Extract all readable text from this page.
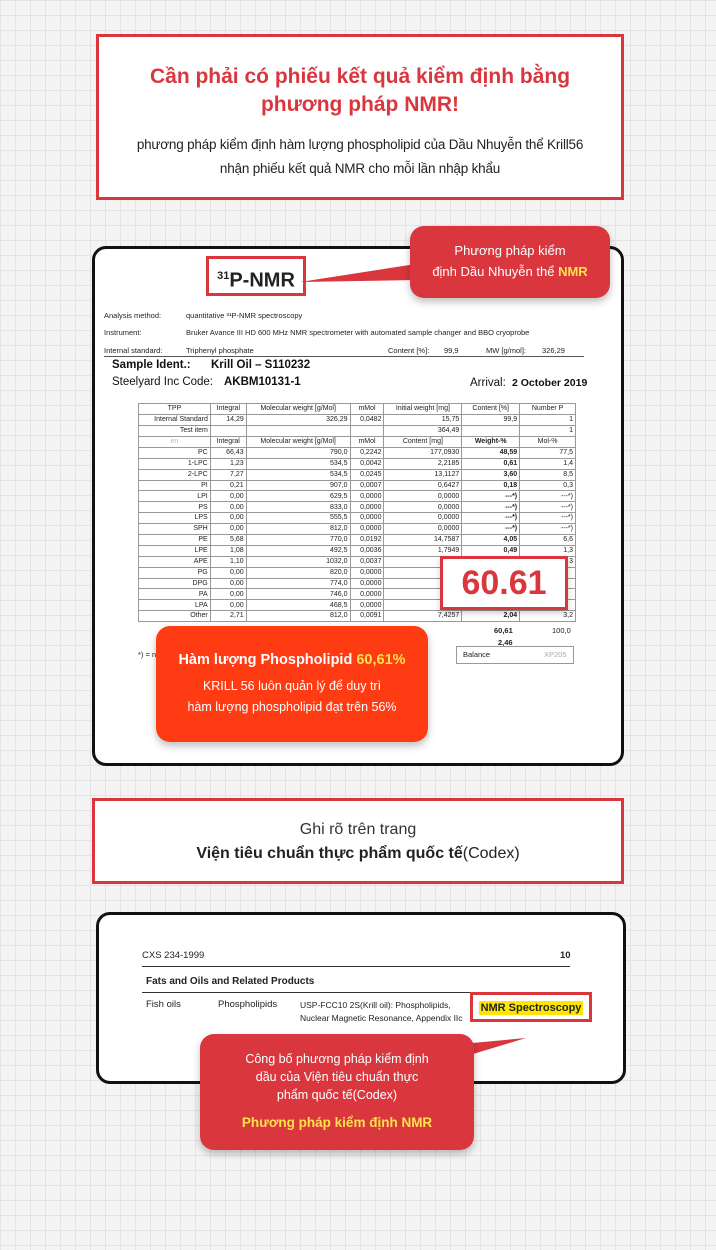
Cần phải có phiếu kết quả kiểm định bằng phương pháp NMR!

phương pháp kiểm định hàm lượng phospholipid của Dầu Nhuyễn thể Krill56 nhận phiếu kết quả NMR cho mỗi lần nhập khẩu

$^{31}$P-NMR
Phương pháp kiểm
định Dầu Nhuyễn thể NMR
Analysis method:	quantitative ³¹P-NMR spectroscopy
Instrument:	Bruker Avance III HD 600 MHz NMR spectrometer with automated sample changer and BBO cryoprobe
Internal standard:	Triphenyl phosphate	Content [%]: 99,9	MW [g/mol]: 326,29
Sample Ident.: Krill Oil – S110232
Steelyard Inc Code: AKBM10131-1	Arrival: 2 October 2019
TPP	Integral	Molecular weight [g/Mol]	mMol	Initial weight [mg]	Content [%]	Number P
Internal Standard	14,29	326,29	0,0482	15,75	99,9	1
Test item				364,49		1
en	Integral	Molecular weight [g/Mol]	mMol	Content [mg]	Weight-%	Mol-%
PC	66,43	790,0	0,2242	177,0930	48,59	77,5
1-LPC	1,23	534,5	0,0042	2,2185	0,61	1,4
2-LPC	7,27	534,5	0,0245	13,1127	3,60	8,5
PI	0,21	907,0	0,0007	0,6427	0,18	0,3
LPI	0,00	629,5	0,0000	0,0000	---*)	---*)
PS	0,00	833,0	0,0000	0,0000	---*)	---*)
LPS	0,00	555,5	0,0000	0,0000	---*)	---*)
SPH	0,00	812,0	0,0000	0,0000	---*)	---*)
PE	5,68	770,0	0,0192	14,7587	4,05	6,6
LPE	1,08	492,5	0,0036	1,7949	0,49	1,3
APE	1,10	1032,0	0,0037			3
PG	0,00	820,0	0,0000			
DPG	0,00	774,0	0,0000			
PA	0,00	746,0	0,0000			
LPA	0,00	468,5	0,0000			
Other	2,71	812,0	0,0091	7,4257	2,04	3,2
60,61	100,0
2,46
Balance	XP205
*) = n
60.61
Hàm lượng Phospholipid 60,61%
KRILL 56 luôn quản lý để duy trì
hàm lượng phospholipid đạt trên 56%
Ghi rõ trên trang
Viện tiêu chuẩn thực phẩm quốc tế(Codex)
CXS 234-1999	10
Fats and Oils and Related Products
Fish oils	Phospholipids	USP-FCC10 2S(Krill oil): Phospholipids,
Nuclear Magnetic Resonance, Appendix IIc
NMR Spectroscopy
Công bố phương pháp kiểm định
dầu của Viện tiêu chuẩn thực
phẩm quốc tế(Codex)
Phương pháp kiểm định NMR
